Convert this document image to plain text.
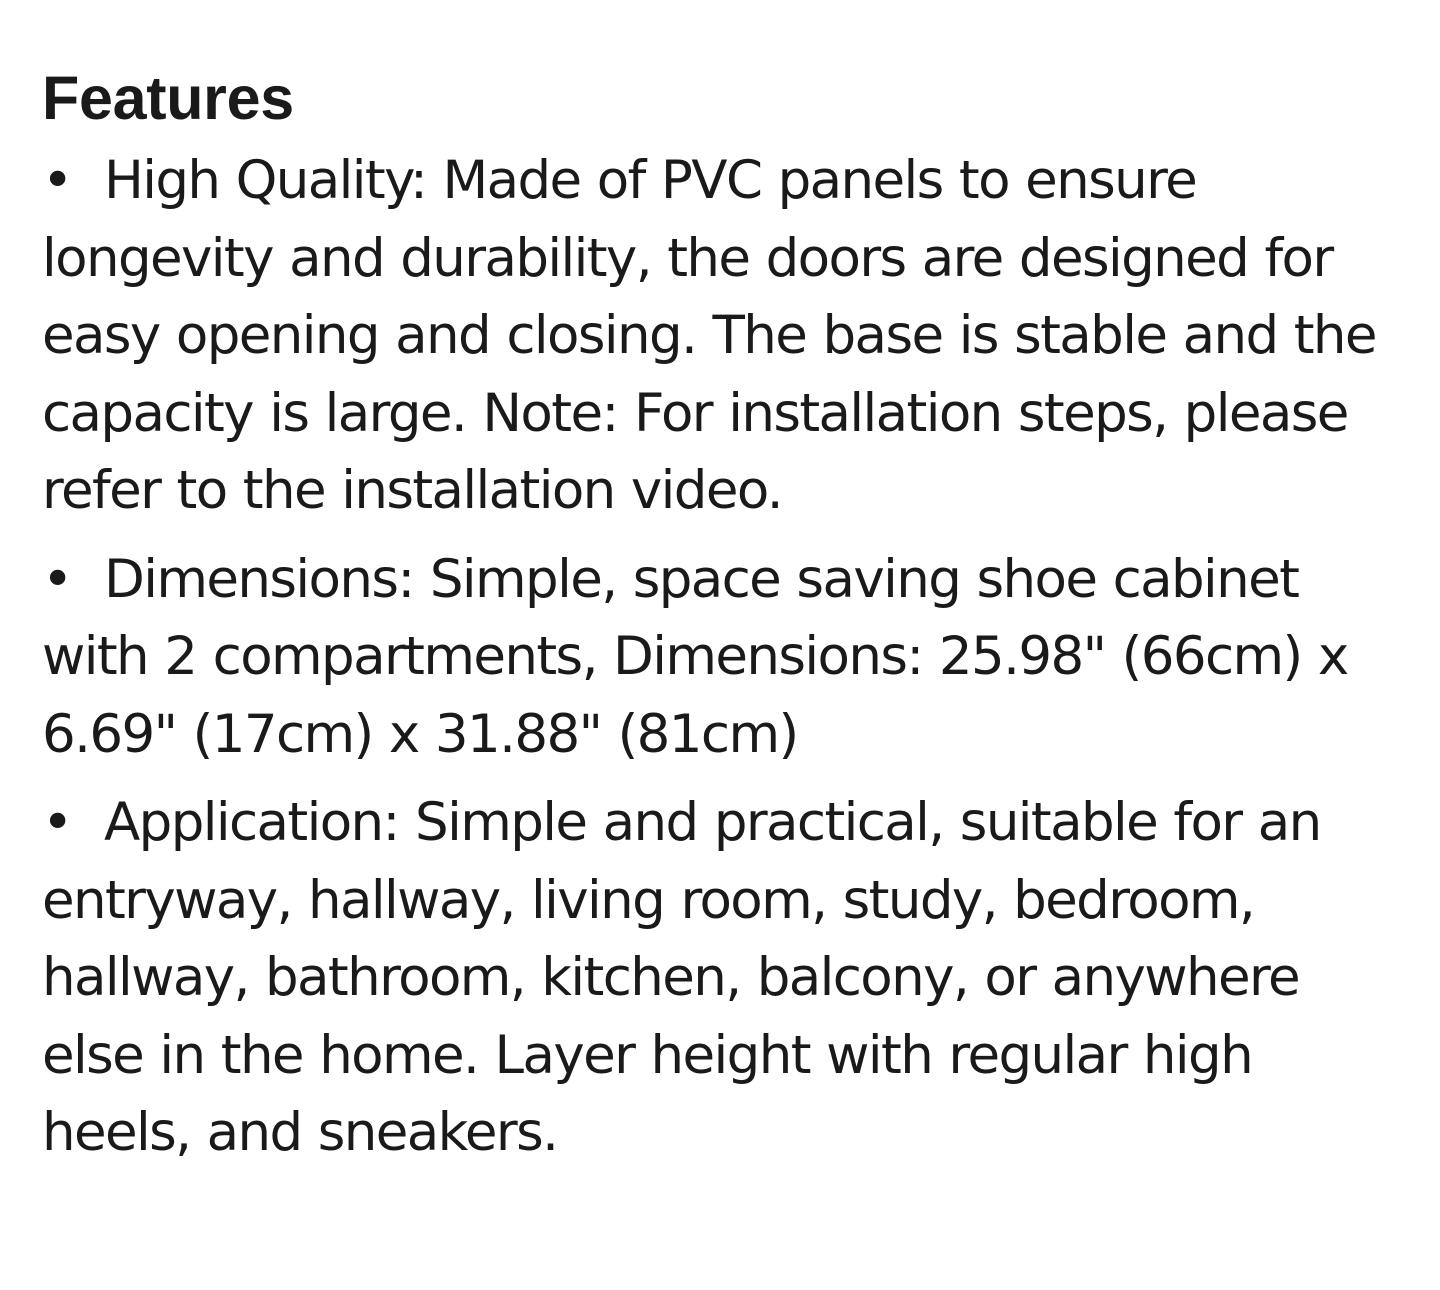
Features
• High Quality: Made of PVC panels to ensure longevity and durability, the doors are designed for easy opening and closing. The base is stable and the capacity is large. Note: For installation steps, please refer to the installation video.
• Dimensions: Simple, space saving shoe cabinet with 2 compartments, Dimensions: 25.98" (66cm) x 6.69" (17cm) x 31.88" (81cm)
• Application: Simple and practical, suitable for an entryway, hallway, living room, study, bedroom, hallway, bathroom, kitchen, balcony, or anywhere else in the home. Layer height with regular high heels, and sneakers.
